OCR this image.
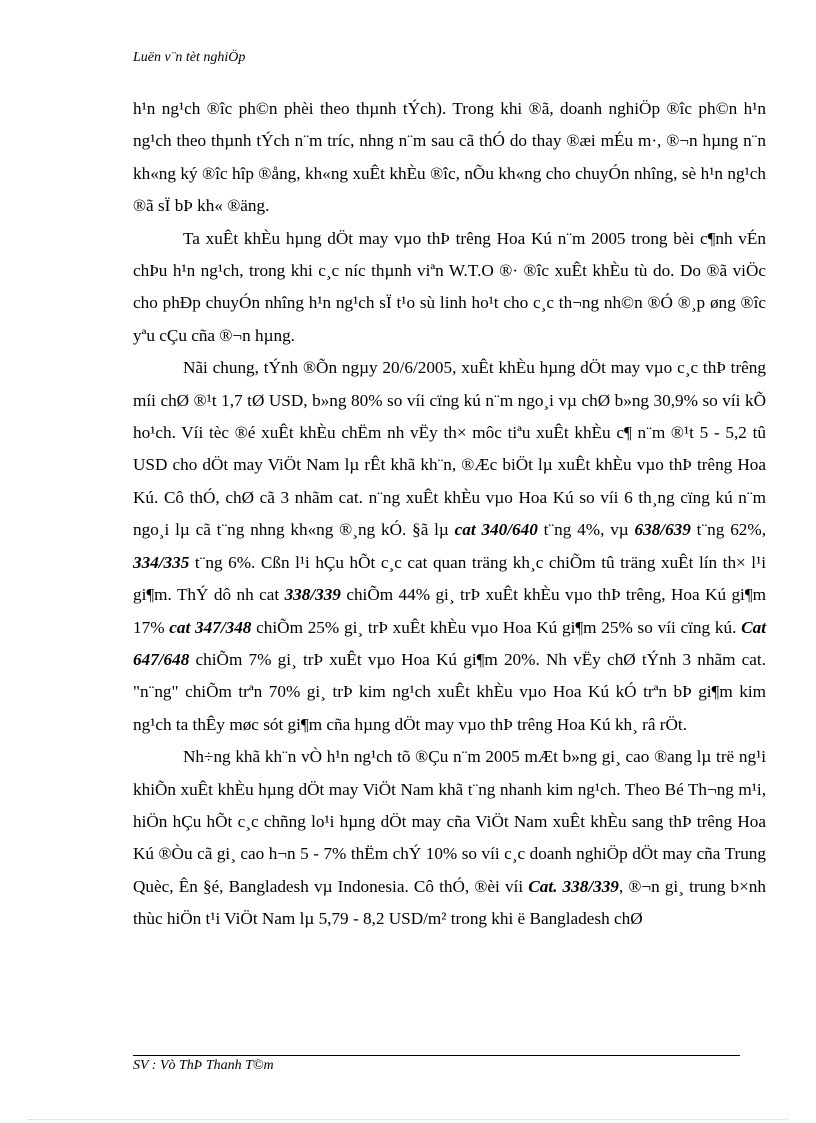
Luën v¨n tèt nghiÖp

h¹n ng¹ch ®îc ph©n phèi theo thµnh tÝch). Trong khi ®ã, doanh nghiÖp ®îc ph©n h¹n ng¹ch theo thµnh tÝch n¨m tríc, nhng n¨m sau cã thÓ do thay ®æi mÉu m·, ®¬n hµng n¨n kh«ng ký ®îc hîp ®ång, kh«ng xuÊt khÈu ®îc, nÕu kh«ng cho chuyÓn nhîng, sè h¹n ng¹ch ®ã sÏ bÞ kh« ®äng.

Ta xuÊt khÈu hµng dÖt may vµo thÞ trêng Hoa Kú n¨m 2005 trong bèi c¶nh vÉn chÞu h¹n ng¹ch, trong khi c¸c níc thµnh viªn W.T.O ®· ®îc xuÊt khÈu tù do. Do ®ã viÖc cho phÐp chuyÓn nhîng h¹n ng¹ch sÏ t¹o sù linh ho¹t cho c¸c th¬ng nh©n ®Ó ®¸p øng ®îc yªu cÇu cña ®¬n hµng.

Nãi chung, tÝnh ®Õn ngµy 20/6/2005, xuÊt khÈu hµng dÖt may vµo c¸c thÞ trêng míi chØ ®¹t 1,7 tØ USD, b»ng 80% so víi cïng kú n¨m ngo¸i vµ chØ b»ng 30,9% so víi kÕ ho¹ch. Víi tèc ®é xuÊt khÈu chËm nh vËy th× môc tiªu xuÊt khÈu c¶ n¨m ®¹t 5 - 5,2 tû USD cho dÖt may ViÖt Nam lµ rÊt khã kh¨n, ®Æc biÖt lµ xuÊt khÈu vµo thÞ trêng Hoa Kú. Cô thÓ, chØ cã 3 nhãm cat. n¨ng xuÊt khÈu vµo Hoa Kú so víi 6 th¸ng cïng kú n¨m ngo¸i lµ cã t¨ng nhng kh«ng ®¸ng kÓ. §ã lµ cat 340/640 t¨ng 4%, vµ 638/639 t¨ng 62%, 334/335 t¨ng 6%. Cßn l¹i hÇu hÕt c¸c cat quan träng kh¸c chiÕm tû träng xuÊt lín th× l¹i gi¶m. ThÝ dô nh cat 338/339 chiÕm 44% gi¸ trÞ xuÊt khÈu vµo thÞ trêng, Hoa Kú gi¶m 17% cat 347/348 chiÕm 25% gi¸ trÞ xuÊt khÈu vµo Hoa Kú gi¶m 25% so víi cïng kú. Cat 647/648 chiÕm 7% gi¸ trÞ xuÊt vµo Hoa Kú gi¶m 20%. Nh vËy chØ tÝnh 3 nhãm cat. "n¨ng" chiÕm trªn 70% gi¸ trÞ kim ng¹ch xuÊt khÈu vµo Hoa Kú kÓ trªn bÞ gi¶m kim ng¹ch ta thÊy møc sót gi¶m cña hµng dÖt may vµo thÞ trêng Hoa Kú kh¸ râ rÖt.

Nh÷ng khã kh¨n vÒ h¹n ng¹ch tõ ®Çu n¨m 2005 mÆt b»ng gi¸ cao ®ang lµ trë ng¹i khiÕn xuÊt khÈu hµng dÖt may ViÖt Nam khã t¨ng nhanh kim ng¹ch. Theo Bé Th¬ng m¹i, hiÖn hÇu hÕt c¸c chñng lo¹i hµng dÖt may cña ViÖt Nam xuÊt khÈu sang thÞ trêng Hoa Kú ®Òu cã gi¸ cao h¬n 5 - 7% thËm chÝ 10% so víi c¸c doanh nghiÖp dÖt may cña Trung Quèc, Ên §é, Bangladesh vµ Indonesia. Cô thÓ, ®èi víi Cat. 338/339, ®¬n gi¸ trung b×nh thùc hiÖn t¹i ViÖt Nam lµ 5,79 - 8,2 USD/m² trong khi ë Bangladesh chØ

SV : Vò ThÞ Thanh T©m
